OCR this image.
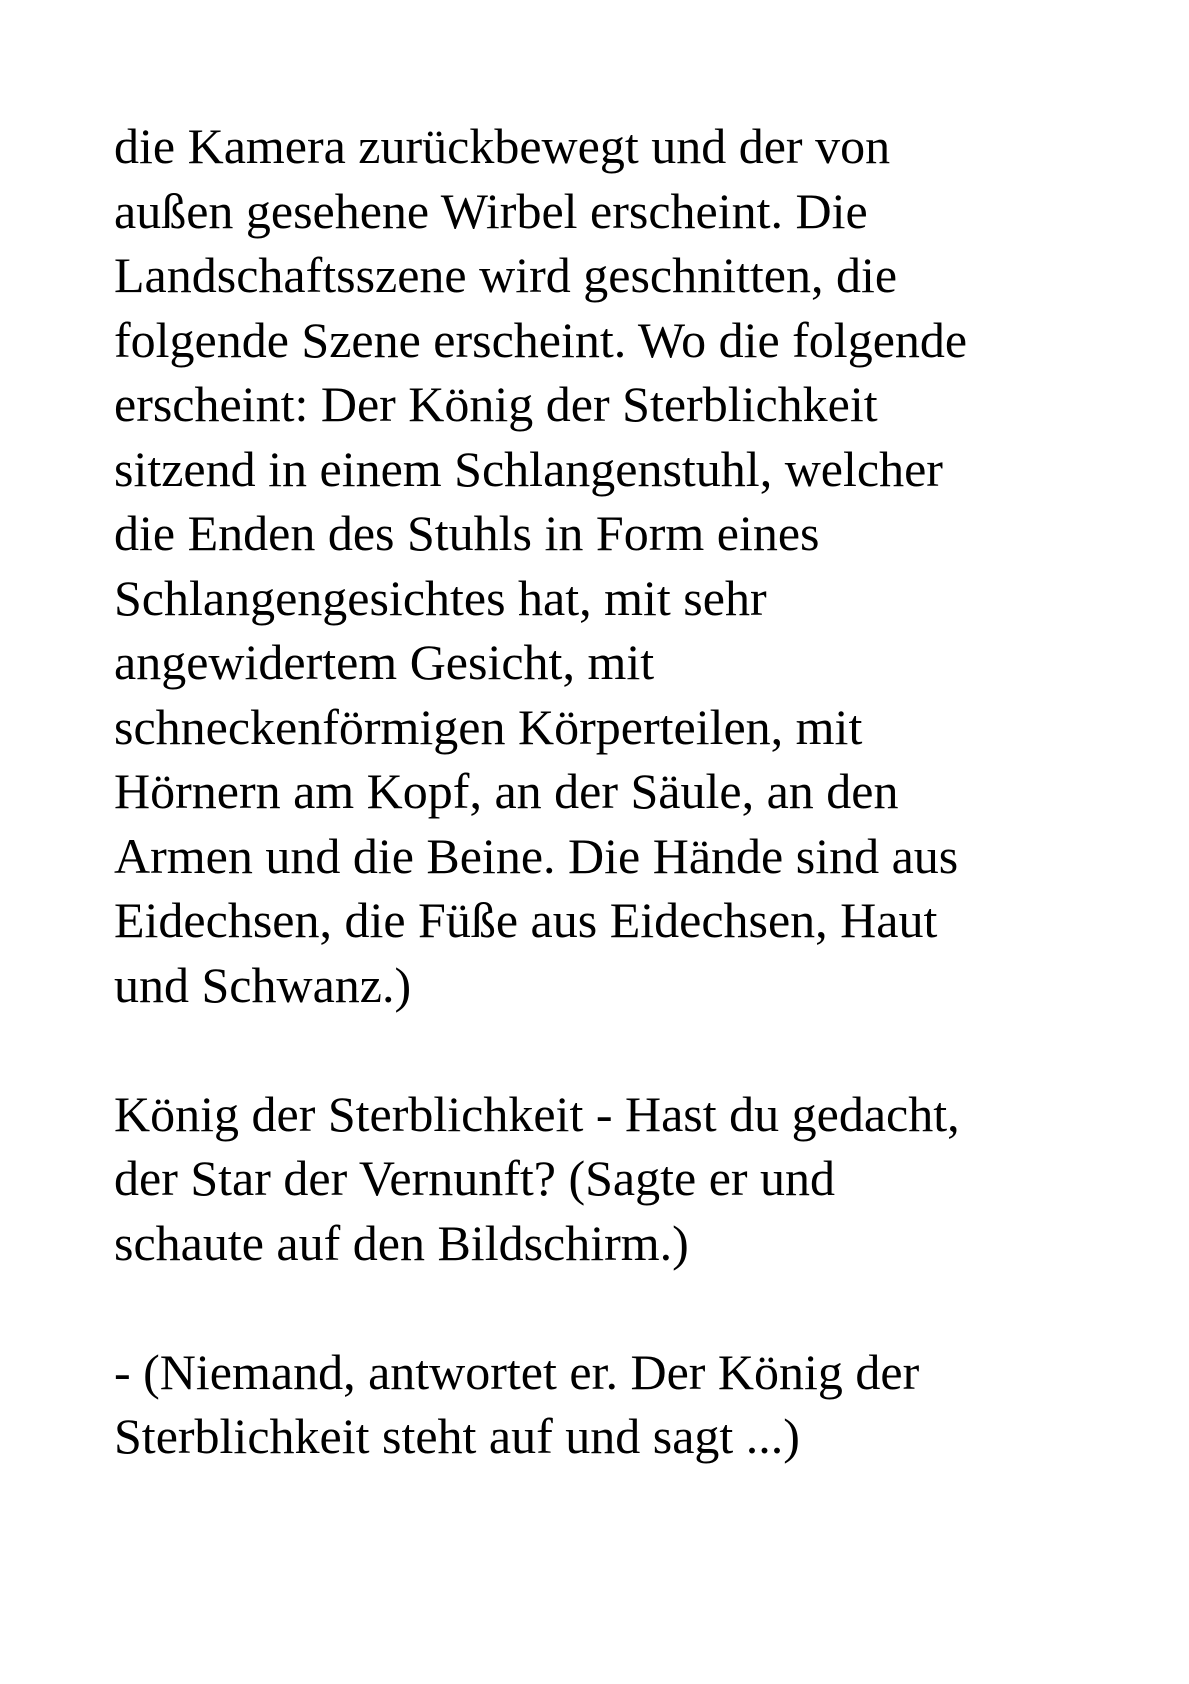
die Kamera zurückbewegt und der von
außen gesehene Wirbel erscheint. Die
Landschaftsszene wird geschnitten, die
folgende Szene erscheint. Wo die folgende
erscheint: Der König der Sterblichkeit
sitzend in einem Schlangenstuhl, welcher
die Enden des Stuhls in Form eines
Schlangengesichtes hat, mit sehr
angewidertem Gesicht, mit
schneckenförmigen Körperteilen, mit
Hörnern am Kopf, an der Säule, an den
Armen und die Beine. Die Hände sind aus
Eidechsen, die Füße aus Eidechsen, Haut
und Schwanz.)
König der Sterblichkeit - Hast du gedacht,
der Star der Vernunft? (Sagte er und
schaute auf den Bildschirm.)
- (Niemand, antwortet er. Der König der
Sterblichkeit steht auf und sagt ...)
